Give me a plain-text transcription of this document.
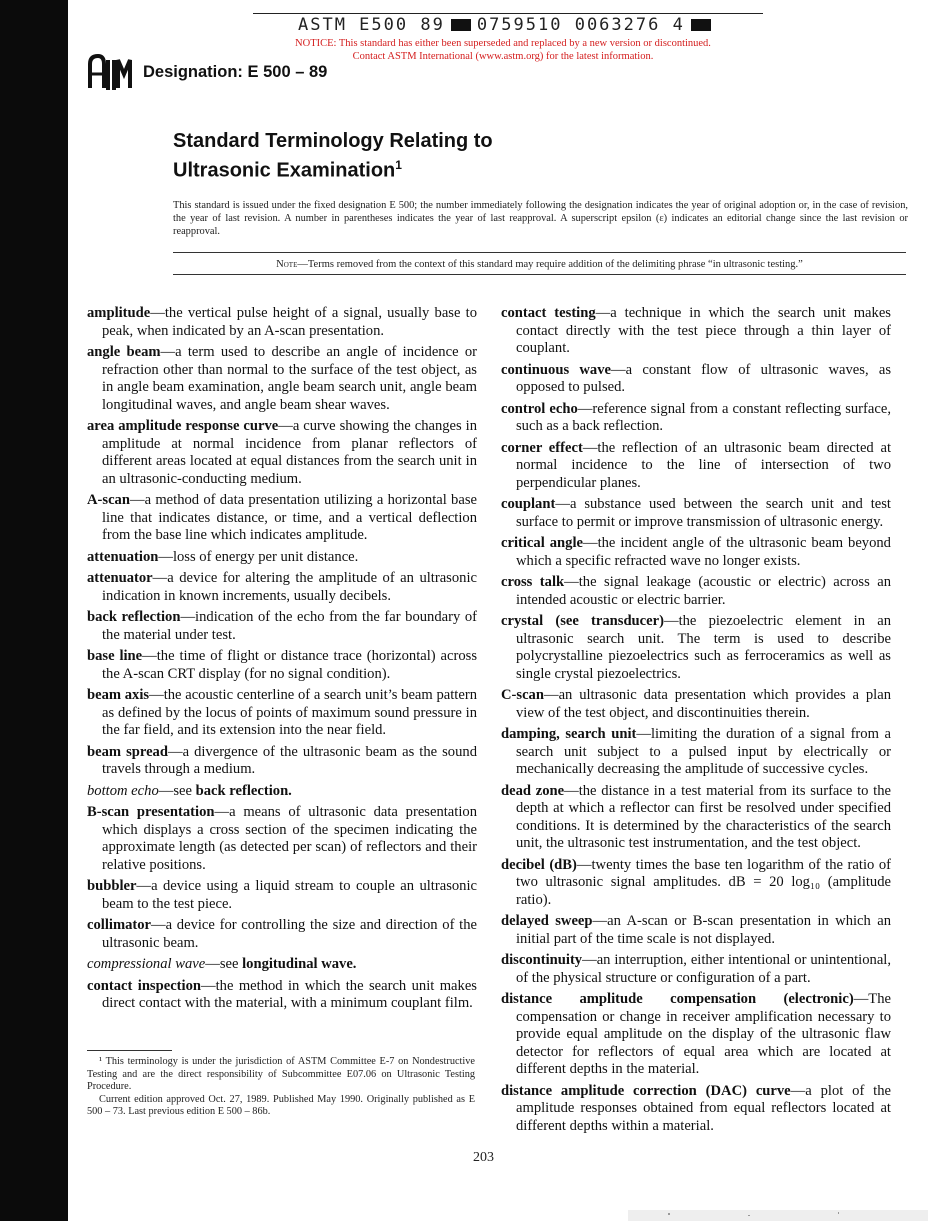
ASTM E500 89 0759510 0063276 4
NOTICE: This standard has either been superseded and replaced by a new version or discontinued.
Contact ASTM International (www.astm.org) for the latest information.
Designation: E 500 – 89
Standard Terminology Relating to
Ultrasonic Examination$^1$
This standard is issued under the fixed designation E 500; the number immediately following the designation indicates the year of original adoption or, in the case of revision, the year of last revision. A number in parentheses indicates the year of last reapproval. A superscript epsilon (ε) indicates an editorial change since the last revision or reapproval.
Note—Terms removed from the context of this standard may require addition of the delimiting phrase “in ultrasonic testing.”

amplitude—the vertical pulse height of a signal, usually base to peak, when indicated by an A-scan presentation.

angle beam—a term used to describe an angle of incidence or refraction other than normal to the surface of the test object, as in angle beam examination, angle beam search unit, angle beam longitudinal waves, and angle beam shear waves.

area amplitude response curve—a curve showing the changes in amplitude at normal incidence from planar reflectors of different areas located at equal distances from the search unit in an ultrasonic-conducting medium.

A-scan—a method of data presentation utilizing a horizontal base line that indicates distance, or time, and a vertical deflection from the base line which indicates amplitude.

attenuation—loss of energy per unit distance.

attenuator—a device for altering the amplitude of an ultrasonic indication in known increments, usually decibels.

back reflection—indication of the echo from the far boundary of the material under test.

base line—the time of flight or distance trace (horizontal) across the A-scan CRT display (for no signal condition).

beam axis—the acoustic centerline of a search unit’s beam pattern as defined by the locus of points of maximum sound pressure in the far field, and its extension into the near field.

beam spread—a divergence of the ultrasonic beam as the sound travels through a medium.

bottom echo—see back reflection.

B-scan presentation—a means of ultrasonic data presentation which displays a cross section of the specimen indicating the approximate length (as detected per scan) of reflectors and their relative positions.

bubbler—a device using a liquid stream to couple an ultrasonic beam to the test piece.

collimator—a device for controlling the size and direction of the ultrasonic beam.

compressional wave—see longitudinal wave.

contact inspection—the method in which the search unit makes direct contact with the material, with a minimum couplant film.

contact testing—a technique in which the search unit makes contact directly with the test piece through a thin layer of couplant.

continuous wave—a constant flow of ultrasonic waves, as opposed to pulsed.

control echo—reference signal from a constant reflecting surface, such as a back reflection.

corner effect—the reflection of an ultrasonic beam directed at normal incidence to the line of intersection of two perpendicular planes.

couplant—a substance used between the search unit and test surface to permit or improve transmission of ultrasonic energy.

critical angle—the incident angle of the ultrasonic beam beyond which a specific refracted wave no longer exists.

cross talk—the signal leakage (acoustic or electric) across an intended acoustic or electric barrier.

crystal (see transducer)—the piezoelectric element in an ultrasonic search unit. The term is used to describe polycrystalline piezoelectrics such as ferroceramics as well as single crystal piezoelectrics.

C-scan—an ultrasonic data presentation which provides a plan view of the test object, and discontinuities therein.

damping, search unit—limiting the duration of a signal from a search unit subject to a pulsed input by electrically or mechanically decreasing the amplitude of successive cycles.

dead zone—the distance in a test material from its surface to the depth at which a reflector can first be resolved under specified conditions. It is determined by the characteristics of the search unit, the ultrasonic test instrumentation, and the test object.

decibel (dB)—twenty times the base ten logarithm of the ratio of two ultrasonic signal amplitudes. dB = 20 log₁₀ (amplitude ratio).

delayed sweep—an A-scan or B-scan presentation in which an initial part of the time scale is not displayed.

discontinuity—an interruption, either intentional or unintentional, of the physical structure or configuration of a part.

distance amplitude compensation (electronic)—The compensation or change in receiver amplification necessary to provide equal amplitude on the display of the ultrasonic flaw detector for reflectors of equal area which are located at different depths in the material.

distance amplitude correction (DAC) curve—a plot of the amplitude responses obtained from equal reflectors located at different depths within a material.

¹ This terminology is under the jurisdiction of ASTM Committee E-7 on Nondestructive Testing and are the direct responsibility of Subcommittee E07.06 on Ultrasonic Testing Procedure.

Current edition approved Oct. 27, 1989. Published May 1990. Originally published as E 500 – 73. Last previous edition E 500 – 86b.

203
